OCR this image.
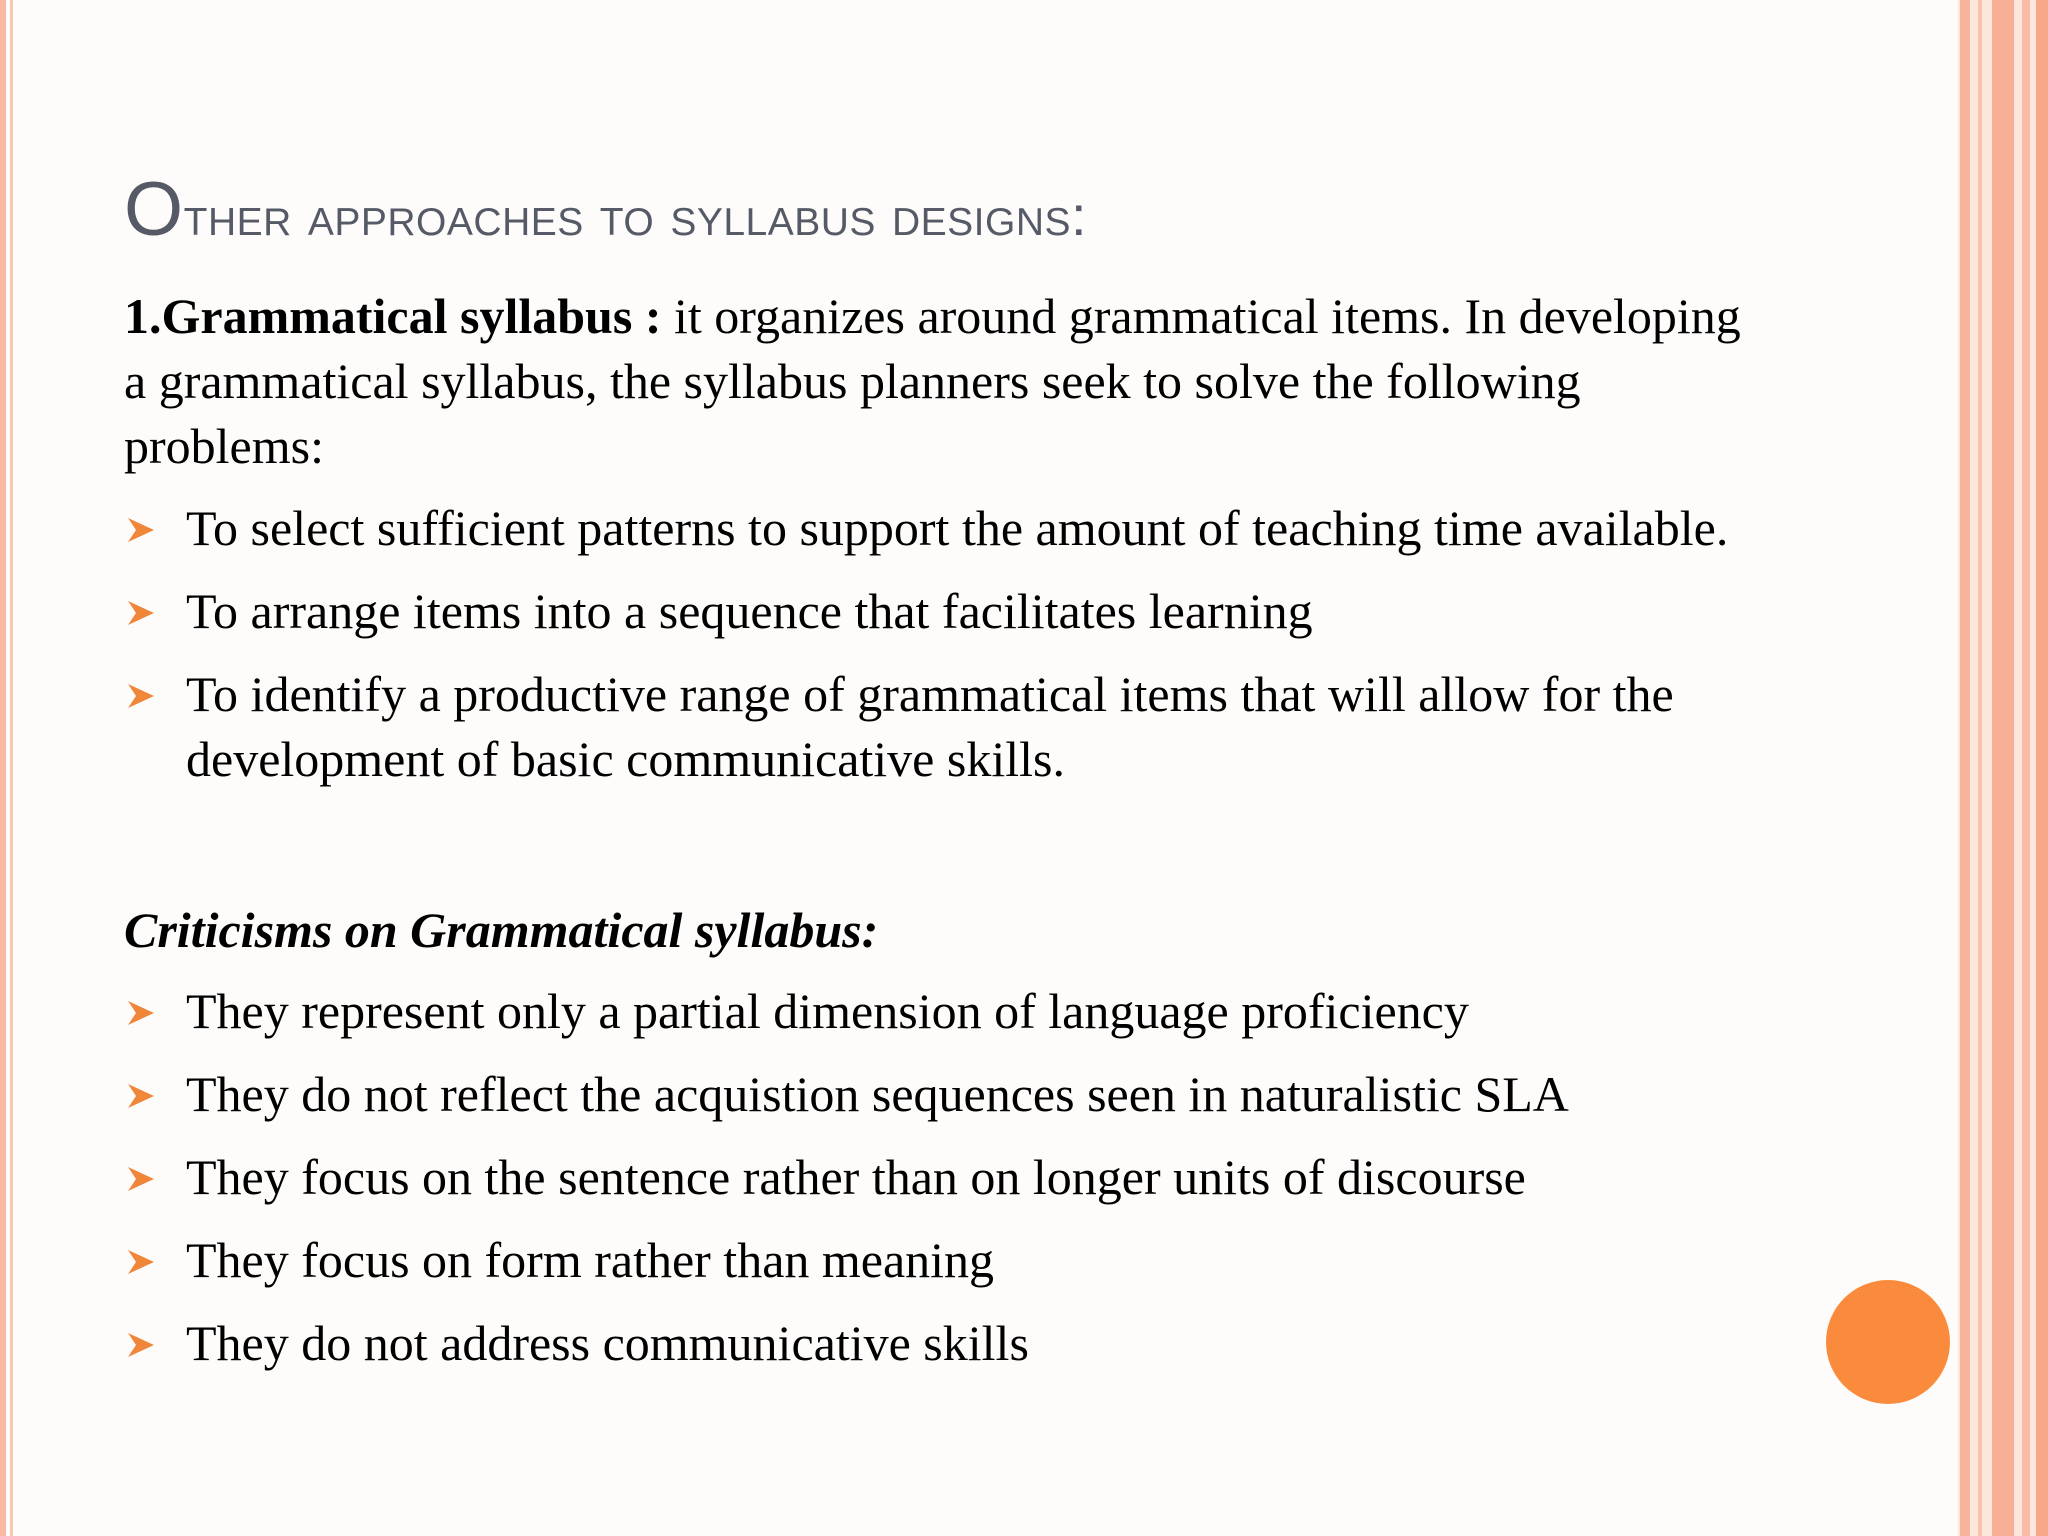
Other approaches to syllabus designs:

1.Grammatical syllabus : it organizes around grammatical items. In developing
a grammatical syllabus, the syllabus planners seek to solve the following
problems:

To select sufficient patterns to support the amount of teaching time available.
To arrange items into a sequence that facilitates learning
To identify a productive range of grammatical items that will allow for the
development of basic communicative skills.
Criticisms on Grammatical syllabus:
They represent only a partial dimension of language proficiency
They do not reflect the acquistion sequences seen in naturalistic SLA
They focus on the sentence rather than on longer units of discourse
They focus on form rather than meaning
They do not address communicative skills
